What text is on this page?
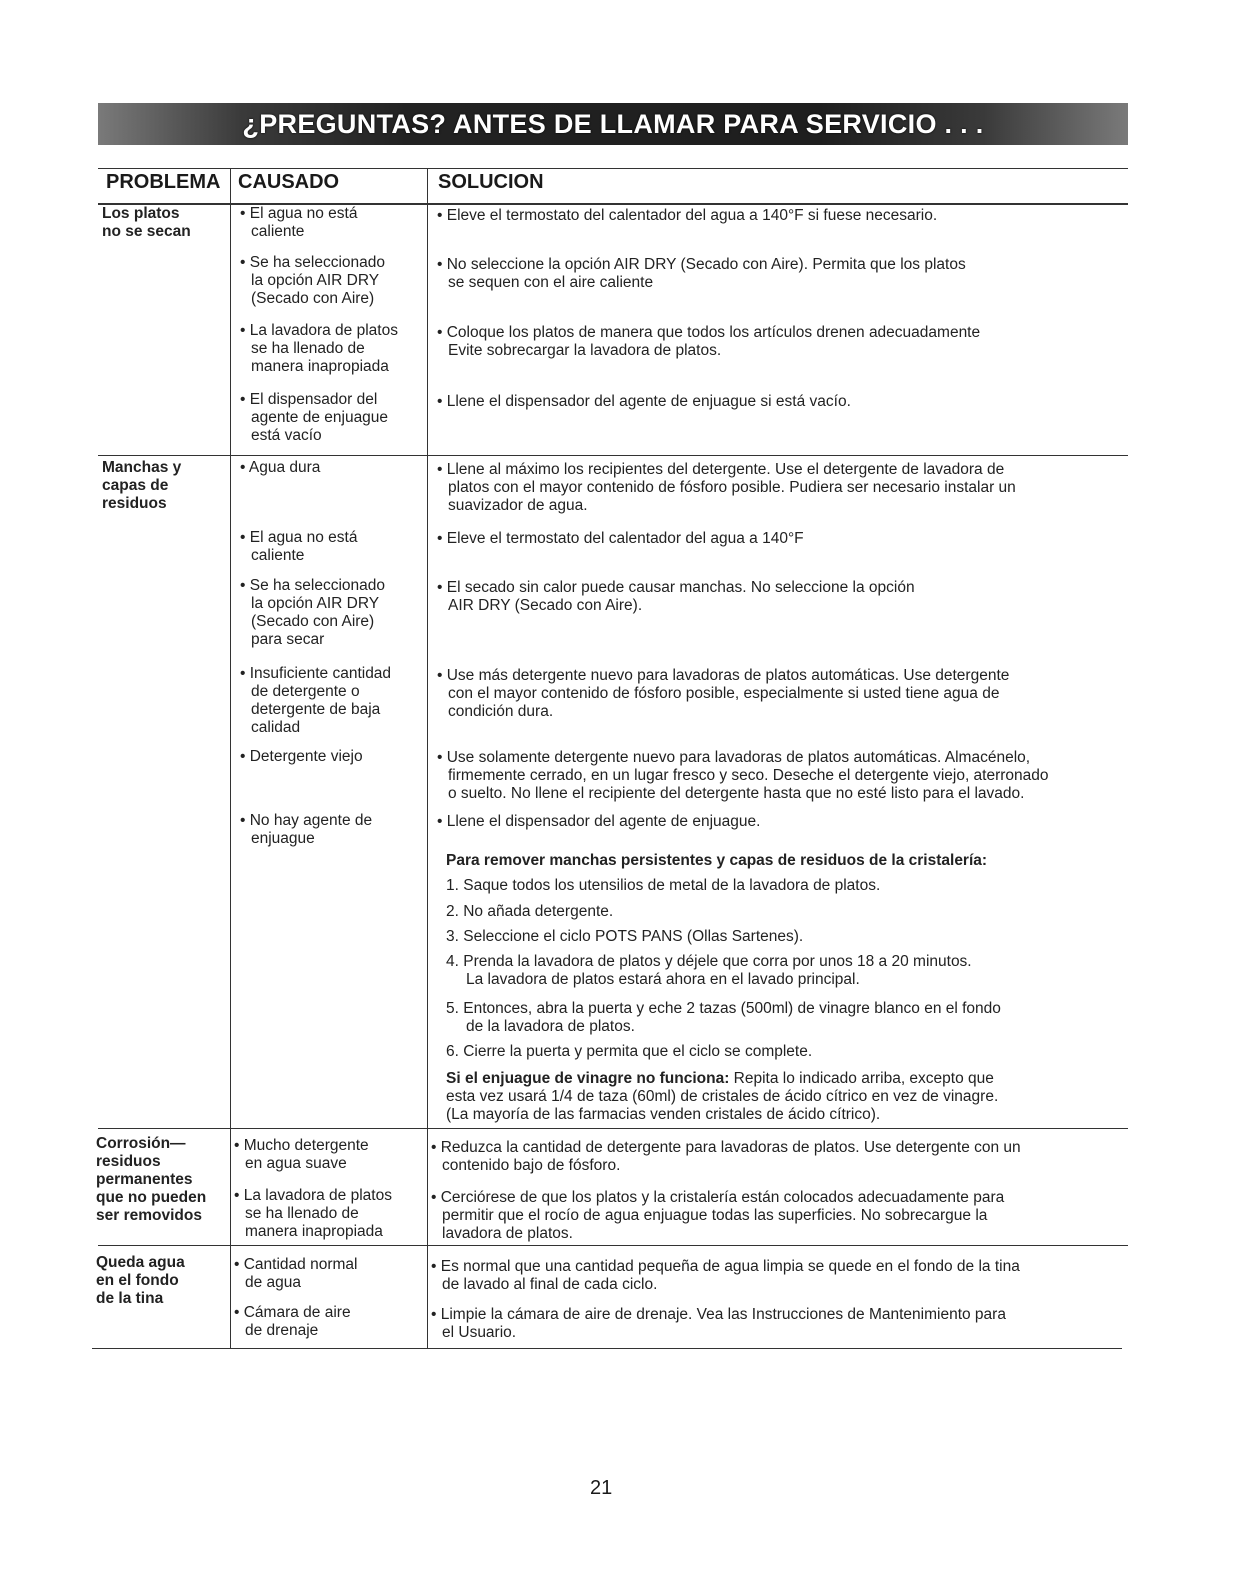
¿PREGUNTAS? ANTES DE LLAMAR PARA SERVICIO . . .
PROBLEMA CAUSADO	SOLUCION
Los platos
no se secan
• El agua no está
caliente
• Se ha seleccionado
la opción AIR DRY
(Secado con Aire)
• La lavadora de platos
se ha llenado de
manera inapropiada
• El dispensador del
agente de enjuague
está vacío
• Eleve el termostato del calentador del agua a 140°F si fuese necesario.
• No seleccione la opción AIR DRY (Secado con Aire). Permita que los platos
se sequen con el aire caliente
• Coloque los platos de manera que todos los artículos drenen adecuadamente
Evite sobrecargar la lavadora de platos.
• Llene el dispensador del agente de enjuague si está vacío.
Manchas y
capas de
residuos
• Agua dura
• El agua no está
caliente
• Se ha seleccionado
la opción AIR DRY
(Secado con Aire)
para secar
• Insuficiente cantidad
de detergente o
detergente de baja
calidad
• Detergente viejo
• No hay agente de
enjuague
• Llene al máximo los recipientes del detergente. Use el detergente de lavadora de
platos con el mayor contenido de fósforo posible. Pudiera ser necesario instalar un
suavizador de agua.
• Eleve el termostato del calentador del agua a 140°F
• El secado sin calor puede causar manchas. No seleccione la opción
AIR DRY (Secado con Aire).
• Use más detergente nuevo para lavadoras de platos automáticas. Use detergente
con el mayor contenido de fósforo posible, especialmente si usted tiene agua de
condición dura.
• Use solamente detergente nuevo para lavadoras de platos automáticas. Almacénelo,
firmemente cerrado, en un lugar fresco y seco. Deseche el detergente viejo, aterronado
o suelto. No llene el recipiente del detergente hasta que no esté listo para el lavado.
• Llene el dispensador del agente de enjuague.
Para remover manchas persistentes y capas de residuos de la cristalería:
1. Saque todos los utensilios de metal de la lavadora de platos.
2. No añada detergente.
3. Seleccione el ciclo POTS PANS (Ollas Sartenes).
4. Prenda la lavadora de platos y déjele que corra por unos 18 a 20 minutos.
La lavadora de platos estará ahora en el lavado principal.
5. Entonces, abra la puerta y eche 2 tazas (500ml) de vinagre blanco en el fondo
de la lavadora de platos.
6. Cierre la puerta y permita que el ciclo se complete.
Si el enjuague de vinagre no funciona: Repita lo indicado arriba, excepto que
esta vez usará 1/4 de taza (60ml) de cristales de ácido cítrico en vez de vinagre.
(La mayoría de las farmacias venden cristales de ácido cítrico).
Corrosión—
residuos
permanentes
que no pueden
ser removidos
• Mucho detergente
en agua suave
• La lavadora de platos
se ha llenado de
manera inapropiada
• Reduzca la cantidad de detergente para lavadoras de platos. Use detergente con un
contenido bajo de fósforo.
• Cerciórese de que los platos y la cristalería están colocados adecuadamente para
permitir que el rocío de agua enjuague todas las superficies. No sobrecargue la
lavadora de platos.
Queda agua
en el fondo
de la tina
• Cantidad normal
de agua
• Cámara de aire
de drenaje
• Es normal que una cantidad pequeña de agua limpia se quede en el fondo de la tina
de lavado al final de cada ciclo.
• Limpie la cámara de aire de drenaje. Vea las Instrucciones de Mantenimiento para
el Usuario.
21
